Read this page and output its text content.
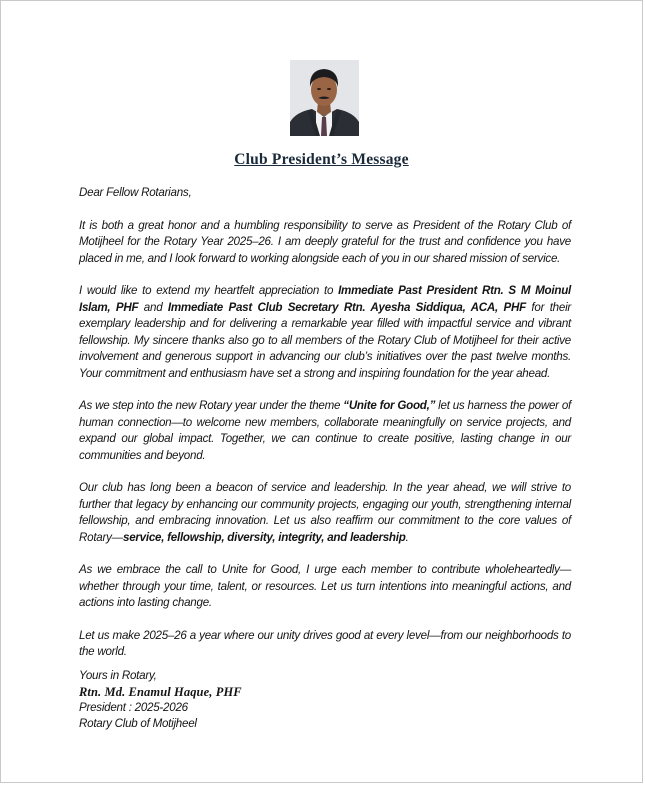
Club President’s Message

Dear Fellow Rotarians,

It is both a great honor and a humbling responsibility to serve as President of the Rotary Club of Motijheel for the Rotary Year 2025–26. I am deeply grateful for the trust and confidence you have placed in me, and I look forward to working alongside each of you in our shared mission of service.

I would like to extend my heartfelt appreciation to Immediate Past President Rtn. S M Moinul Islam, PHF and Immediate Past Club Secretary Rtn. Ayesha Siddiqua, ACA, PHF for their exemplary leadership and for delivering a remarkable year filled with impactful service and vibrant fellowship. My sincere thanks also go to all members of the Rotary Club of Motijheel for their active involvement and generous support in advancing our club’s initiatives over the past twelve months. Your commitment and enthusiasm have set a strong and inspiring foundation for the year ahead.

As we step into the new Rotary year under the theme “Unite for Good,” let us harness the power of human connection—to welcome new members, collaborate meaningfully on service projects, and expand our global impact. Together, we can continue to create positive, lasting change in our communities and beyond.

Our club has long been a beacon of service and leadership. In the year ahead, we will strive to further that legacy by enhancing our community projects, engaging our youth, strengthening internal fellowship, and embracing innovation. Let us also reaffirm our commitment to the core values of Rotary—service, fellowship, diversity, integrity, and leadership.

As we embrace the call to Unite for Good, I urge each member to contribute wholeheartedly—whether through your time, talent, or resources. Let us turn intentions into meaningful actions, and actions into lasting change.

Let us make 2025–26 a year where our unity drives good at every level—from our neighborhoods to the world.

Yours in Rotary,
Rtn. Md. Enamul Haque, PHF
President : 2025-2026
Rotary Club of Motijheel
